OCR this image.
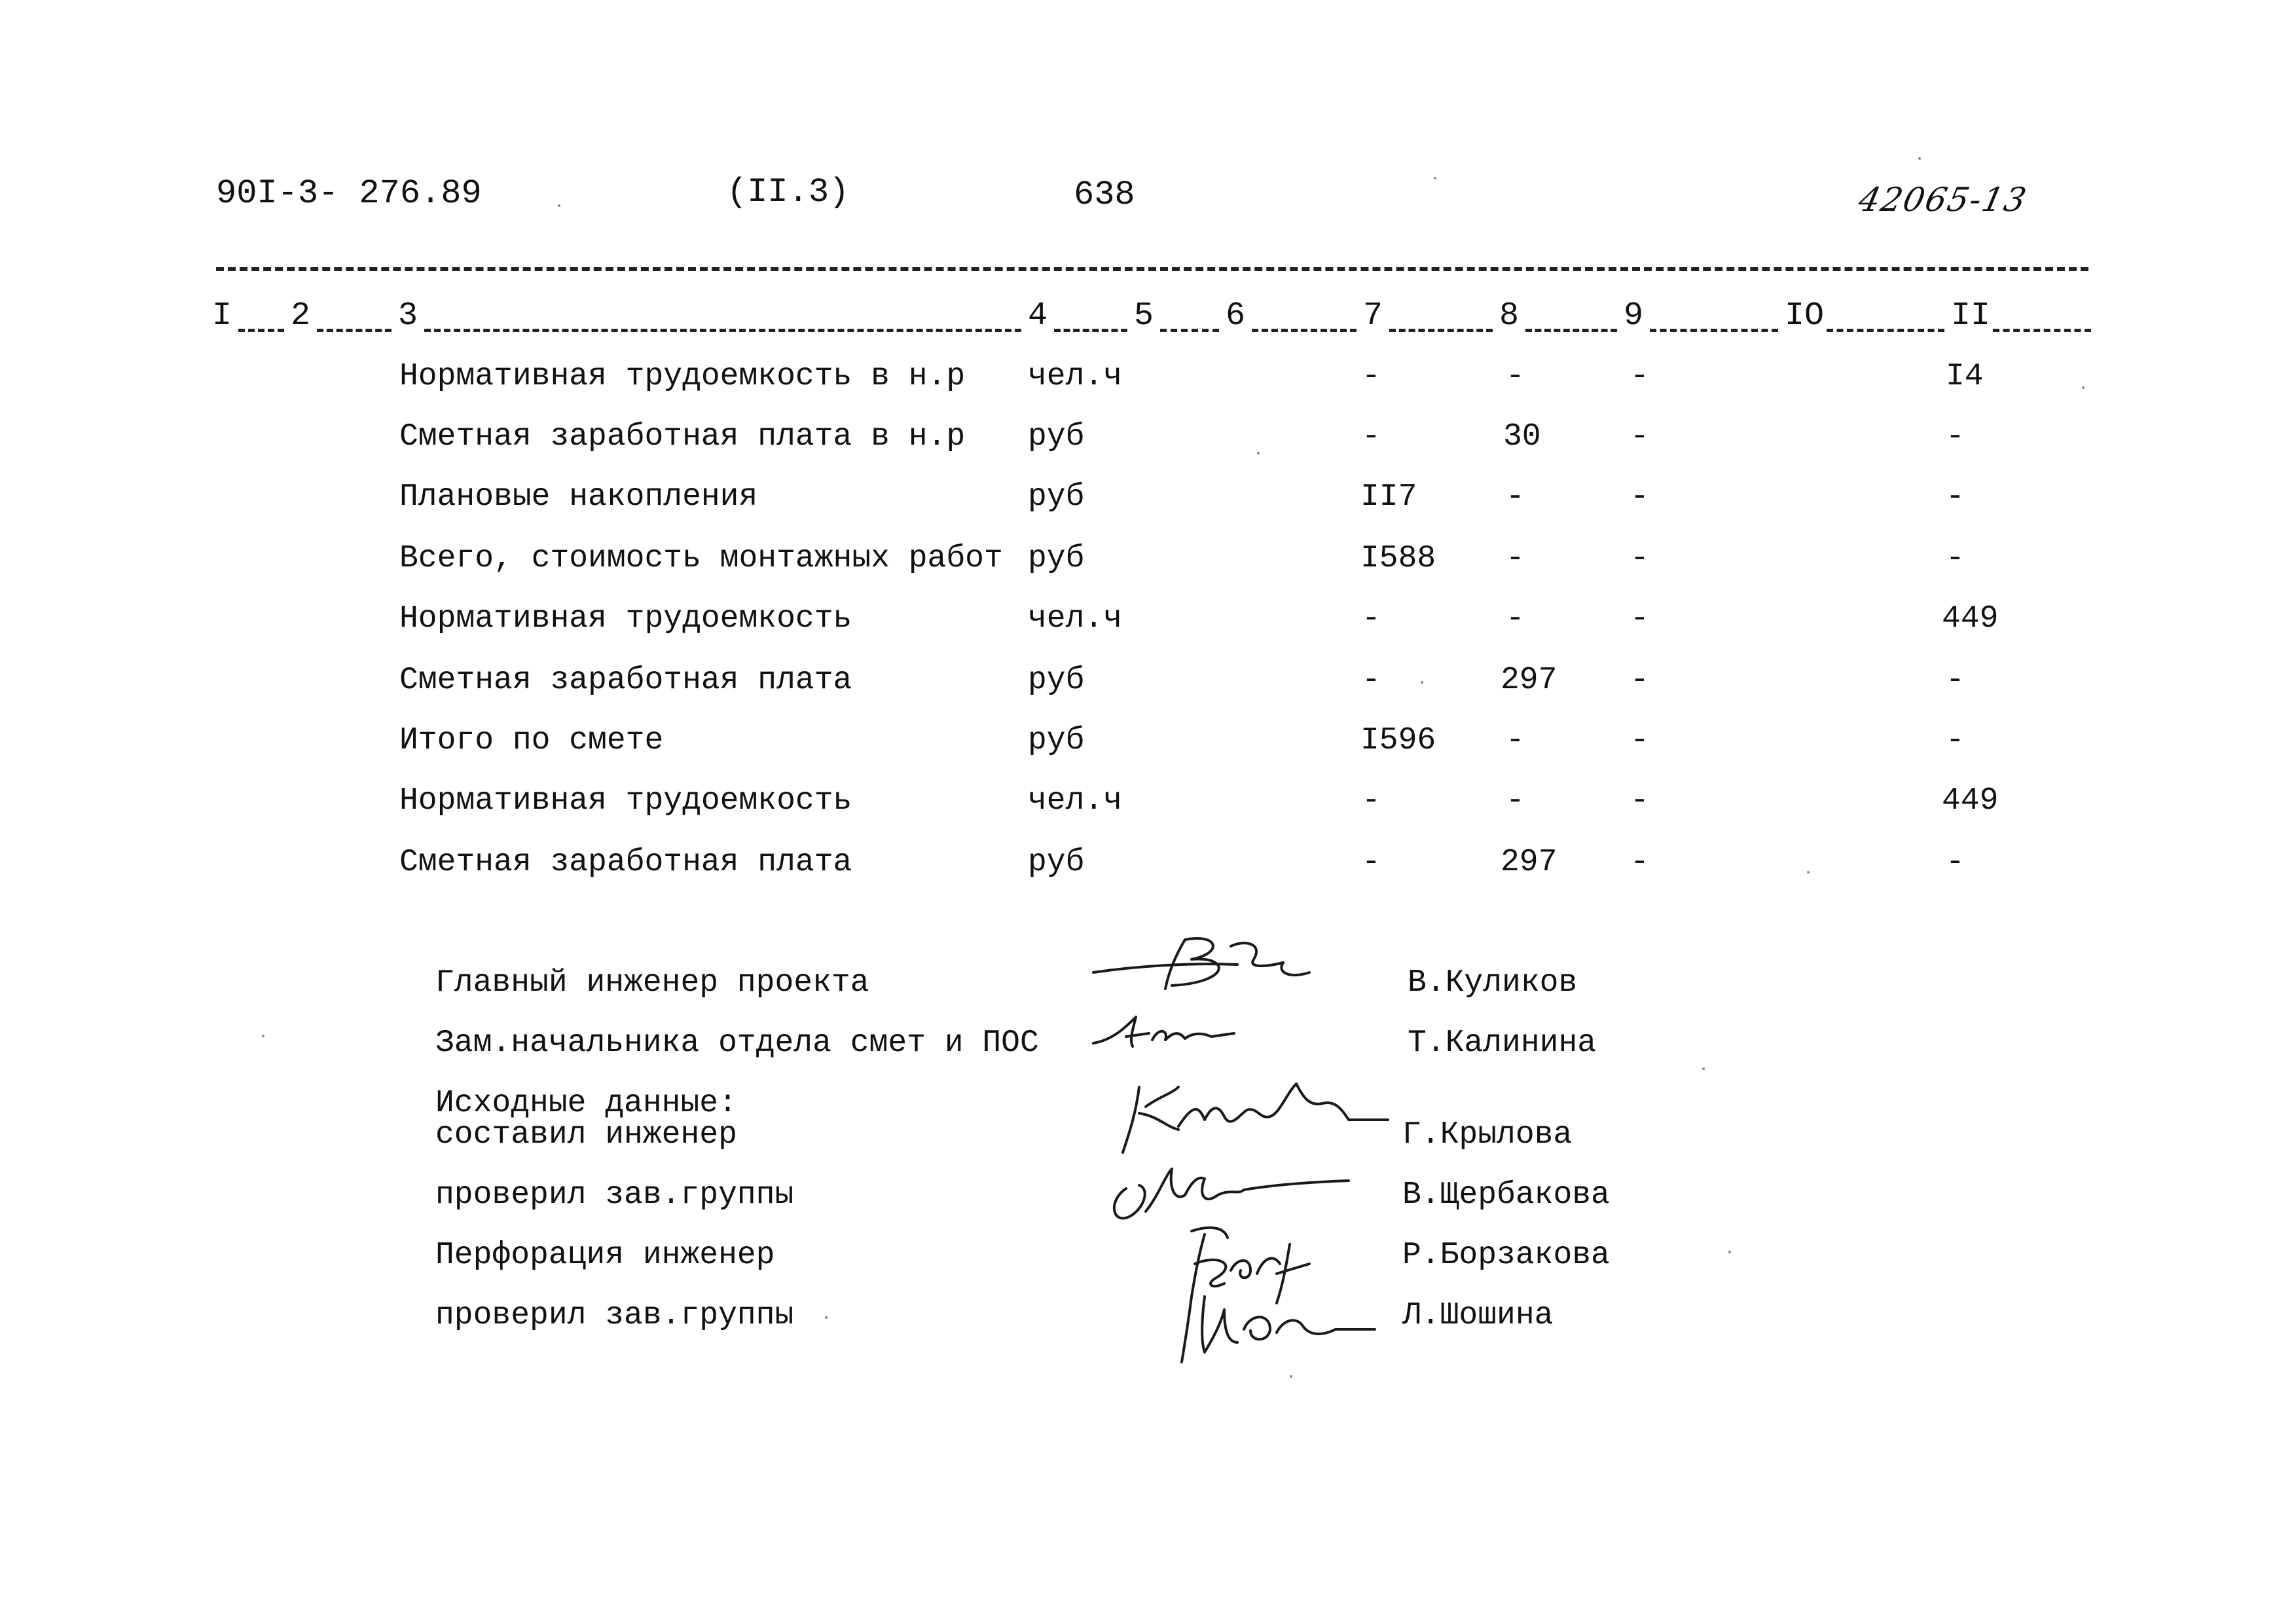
90I-3- 276.89	(II.3)	638	42065-13
I 2	3	4	5 6	7	8	9	IO	II
Нормативная трудоемкость в н.р чел.ч	-	-	-	I4
Сметная заработная плата в н.р руб	-	30	-	-
Плановые накопления	руб	II7	-	-	-
Всего, стоимость монтажных работ руб	I588 -	-	-
Нормативная трудоемкость	чел.ч	-	-	-	449
Сметная заработная плата	руб	-	297 -	-
Итого по смете	руб	I596 -	-	-
Нормативная трудоемкость	чел.ч	-	-	-	449
Сметная заработная плата	руб	-	297 -	-
Главный инженер проекта	В.Куликов
Зам.начальника отдела смет и ПОС	Т.Калинина
Исходные данные:
составил инженер	Г.Крылова
проверил зав.группы	В.Щербакова
Перфорация инженер	Р.Борзакова
проверил зав.группы	Л.Шошина
